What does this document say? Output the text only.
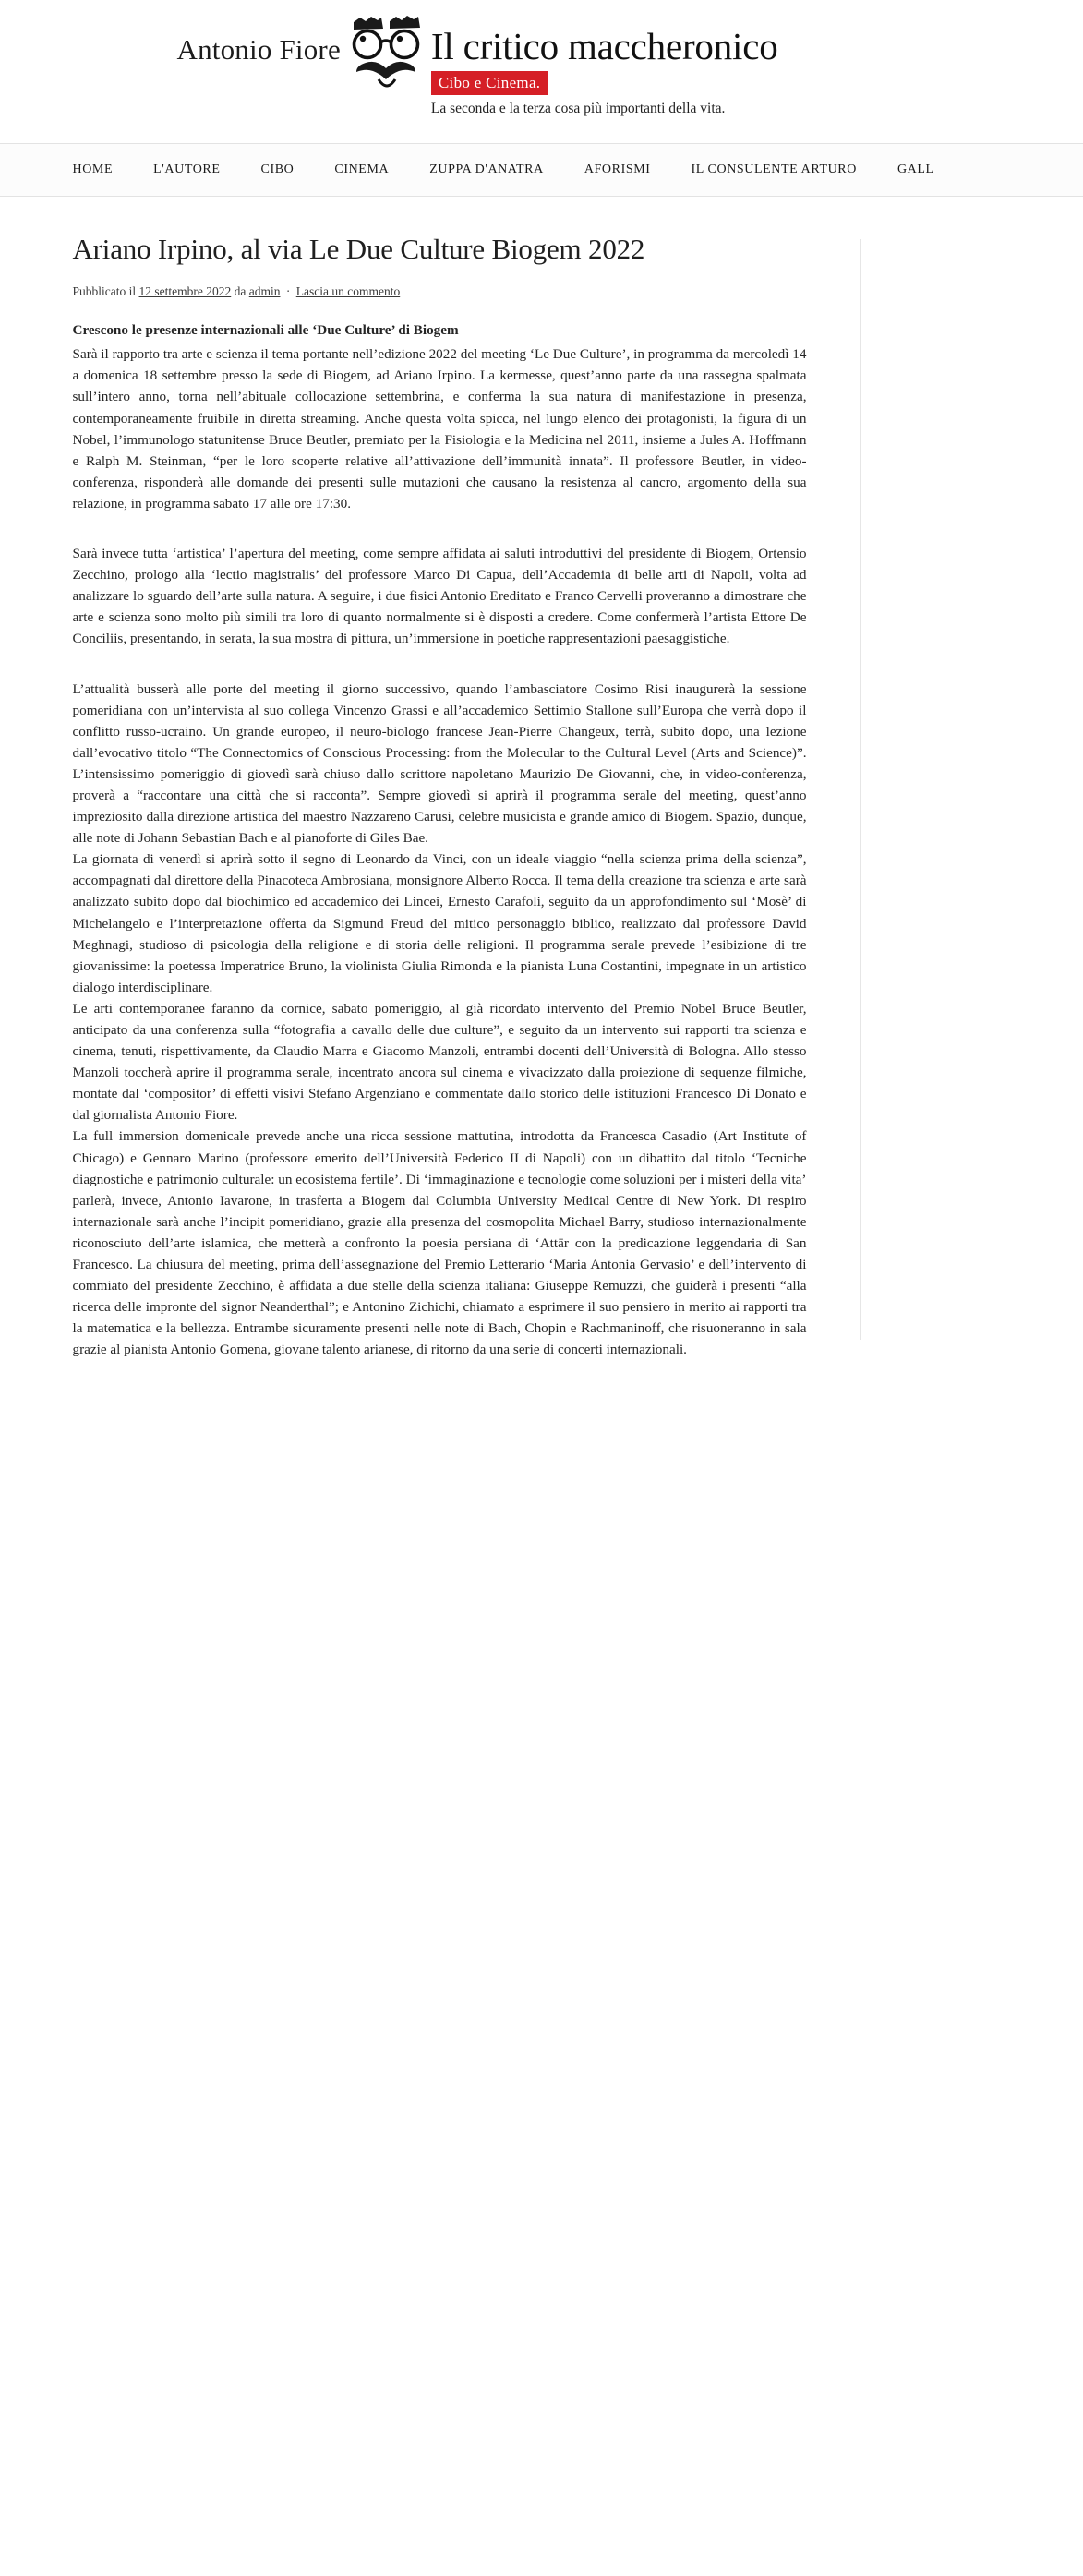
Antonio Fiore Il critico maccheronico
Cibo e Cinema.
La seconda e la terza cosa più importanti della vita.
HOME	L'AUTORE	CIBO	CINEMA	ZUPPA D'ANATRA	AFORISMI	IL CONSULENTE ARTURO	GALL
Ariano Irpino, al via Le Due Culture Biogem 2022
Pubblicato il 12 settembre 2022 da admin · Lascia un commento

Crescono le presenze internazionali alle ‘Due Culture’ di Biogem

Sarà il rapporto tra arte e scienza il tema portante nell’edizione 2022 del meeting ‘Le Due Culture’, in programma da mercoledì 14 a domenica 18 settembre presso la sede di Biogem, ad Ariano Irpino. La kermesse, quest’anno parte da una rassegna spalmata sull’intero anno, torna nell’abituale collocazione settembrina, e conferma la sua natura di manifestazione in presenza, contemporaneamente fruibile in diretta streaming. Anche questa volta spicca, nel lungo elenco dei protagonisti, la figura di un Nobel, l’immunologo statunitense Bruce Beutler, premiato per la Fisiologia e la Medicina nel 2011, insieme a Jules A. Hoffmann e Ralph M. Steinman, “per le loro scoperte relative all’attivazione dell’immunità innata”. Il professore Beutler, in video-conferenza, risponderà alle domande dei presenti sulle mutazioni che causano la resistenza al cancro, argomento della sua relazione, in programma sabato 17 alle ore 17:30.

Sarà invece tutta ‘artistica’ l’apertura del meeting, come sempre affidata ai saluti introduttivi del presidente di Biogem, Ortensio Zecchino, prologo alla ‘lectio magistralis’ del professore Marco Di Capua, dell’Accademia di belle arti di Napoli, volta ad analizzare lo sguardo dell’arte sulla natura. A seguire, i due fisici Antonio Ereditato e Franco Cervelli proveranno a dimostrare che arte e scienza sono molto più simili tra loro di quanto normalmente si è disposti a credere. Come confermerà l’artista Ettore De Conciliis, presentando, in serata, la sua mostra di pittura, un’immersione in poetiche rappresentazioni paesaggistiche.

L’attualità busserà alle porte del meeting il giorno successivo, quando l’ambasciatore Cosimo Risi inaugurerà la sessione pomeridiana con un’intervista al suo collega Vincenzo Grassi e all’accademico Settimio Stallone sull’Europa che verrà dopo il conflitto russo-ucraino. Un grande europeo, il neuro-biologo francese Jean-Pierre Changeux, terrà, subito dopo, una lezione dall’evocativo titolo “The Connectomics of Conscious Processing: from the Molecular to the Cultural Level (Arts and Science)”. L’intensissimo pomeriggio di giovedì sarà chiuso dallo scrittore napoletano Maurizio De Giovanni, che, in video-conferenza, proverà a “raccontare una città che si racconta”. Sempre giovedì si aprirà il programma serale del meeting, quest’anno impreziosito dalla direzione artistica del maestro Nazzareno Carusi, celebre musicista e grande amico di Biogem. Spazio, dunque, alle note di Johann Sebastian Bach e al pianoforte di Giles Bae.

La giornata di venerdì si aprirà sotto il segno di Leonardo da Vinci, con un ideale viaggio “nella scienza prima della scienza”, accompagnati dal direttore della Pinacoteca Ambrosiana, monsignore Alberto Rocca. Il tema della creazione tra scienza e arte sarà analizzato subito dopo dal biochimico ed accademico dei Lincei, Ernesto Carafoli, seguito da un approfondimento sul ‘Mosè’ di Michelangelo e l’interpretazione offerta da Sigmund Freud del mitico personaggio biblico, realizzato dal professore David Meghnagi, studioso di psicologia della religione e di storia delle religioni. Il programma serale prevede l’esibizione di tre giovanissime: la poetessa Imperatrice Bruno, la violinista Giulia Rimonda e la pianista Luna Costantini, impegnate in un artistico dialogo interdisciplinare.

Le arti contemporanee faranno da cornice, sabato pomeriggio, al già ricordato intervento del Premio Nobel Bruce Beutler, anticipato da una conferenza sulla “fotografia a cavallo delle due culture”, e seguito da un intervento sui rapporti tra scienza e cinema, tenuti, rispettivamente, da Claudio Marra e Giacomo Manzoli, entrambi docenti dell’Università di Bologna. Allo stesso Manzoli toccherà aprire il programma serale, incentrato ancora sul cinema e vivacizzato dalla proiezione di sequenze filmiche, montate dal ‘compositor’ di effetti visivi Stefano Argenziano e commentate dallo storico delle istituzioni Francesco Di Donato e dal giornalista Antonio Fiore.

La full immersion domenicale prevede anche una ricca sessione mattutina, introdotta da Francesca Casadio (Art Institute of Chicago) e Gennaro Marino (professore emerito dell’Università Federico II di Napoli) con un dibattito dal titolo ‘Tecniche diagnostiche e patrimonio culturale: un ecosistema fertile’. Di ‘immaginazione e tecnologie come soluzioni per i misteri della vita’ parlerà, invece, Antonio Iavarone, in trasferta a Biogem dal Columbia University Medical Centre di New York. Di respiro internazionale sarà anche l’incipit pomeridiano, grazie alla presenza del cosmopolita Michael Barry, studioso internazionalmente riconosciuto dell’arte islamica, che metterà a confronto la poesia persiana di ‘Attār con la predicazione leggendaria di San Francesco. La chiusura del meeting, prima dell’assegnazione del Premio Letterario ‘Maria Antonia Gervasio’ e dell’intervento di commiato del presidente Zecchino, è affidata a due stelle della scienza italiana: Giuseppe Remuzzi, che guiderà i presenti “alla ricerca delle impronte del signor Neanderthal”; e Antonino Zichichi, chiamato a esprimere il suo pensiero in merito ai rapporti tra la matematica e la bellezza. Entrambe sicuramente presenti nelle note di Bach, Chopin e Rachmaninoff, che risuoneranno in sala grazie al pianista Antonio Gomena, giovane talento arianese, di ritorno da una serie di concerti internazionali.
